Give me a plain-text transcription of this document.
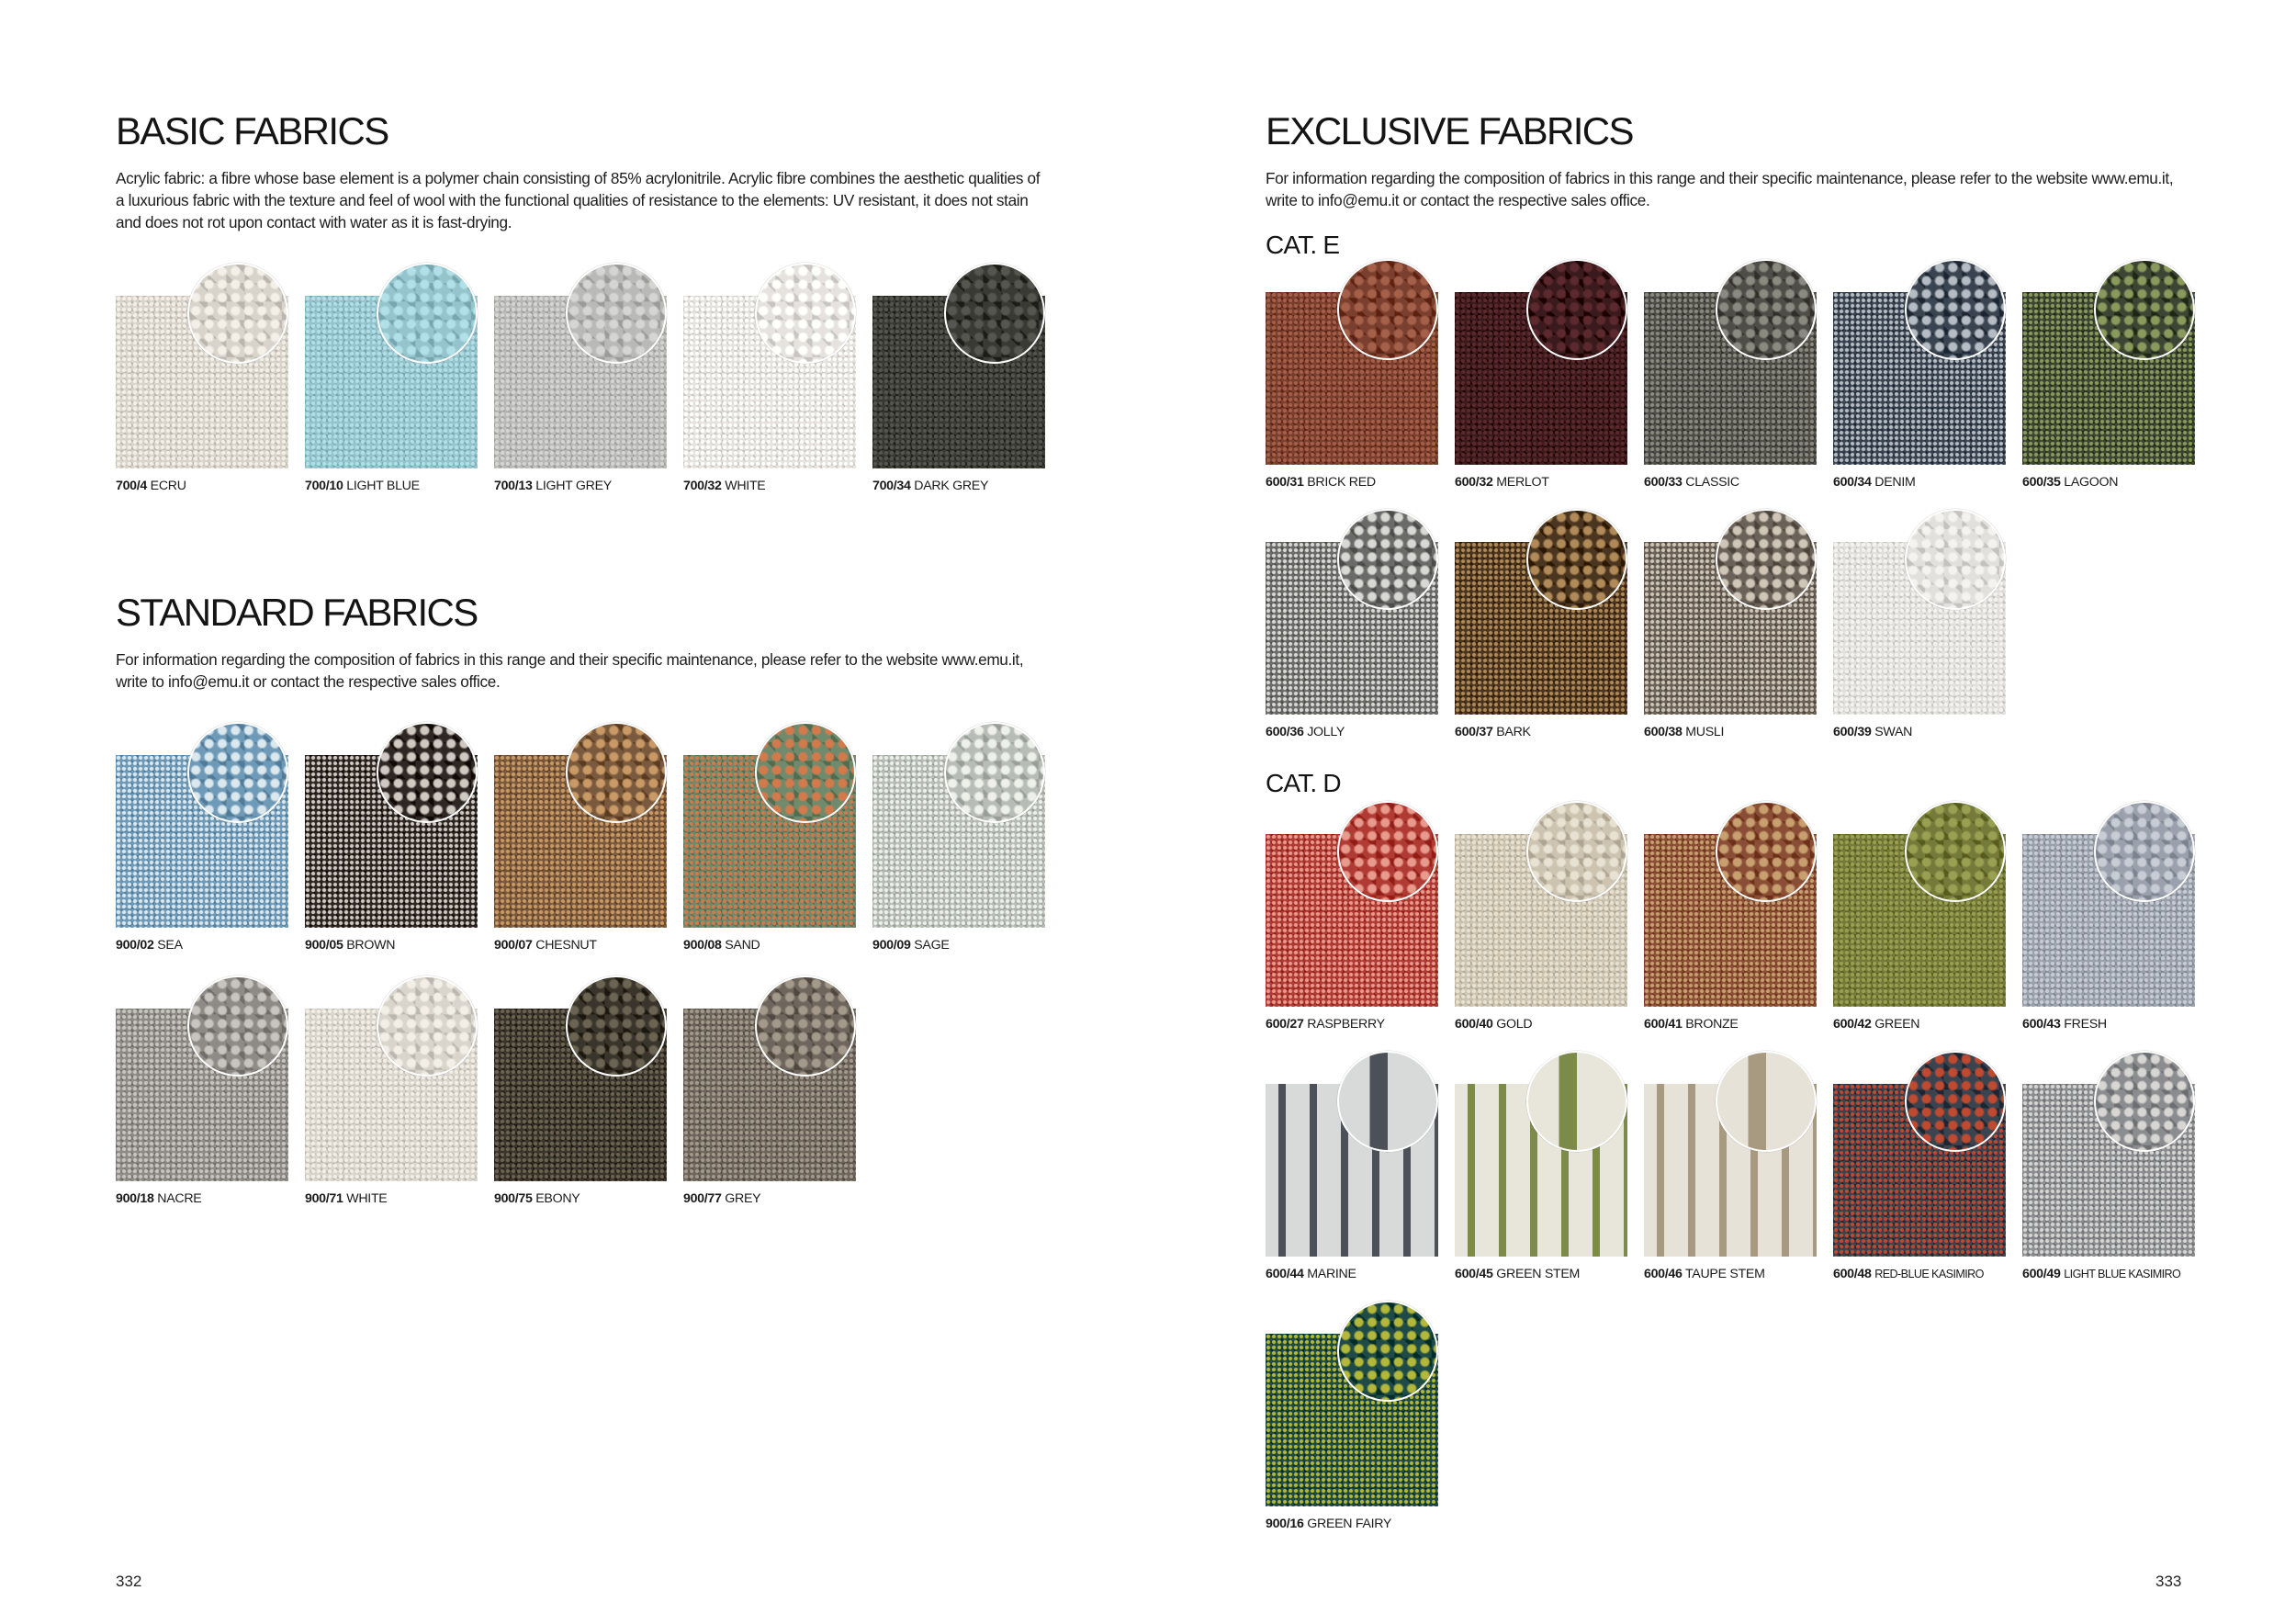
BASIC FABRICS

Acrylic fabric: a fibre whose base element is a polymer chain consisting of 85% acrylonitrile. Acrylic fibre combines the aesthetic qualities of a luxurious fabric with the texture and feel of wool with the functional qualities of resistance to the elements: UV resistant, it does not stain and does not rot upon contact with water as it is fast-drying.

700/4 ECRU	700/10 LIGHT BLUE	700/13 LIGHT GREY	700/32 WHITE	700/34 DARK GREY
STANDARD FABRICS

For information regarding the composition of fabrics in this range and their specific maintenance, please refer to the website www.emu.it, write to info@emu.it or contact the respective sales office.

900/02 SEA	900/05 BROWN	900/07 CHESNUT	900/08 SAND	900/09 SAGE
900/18 NACRE	900/71 WHITE	900/75 EBONY	900/77 GREY
332
EXCLUSIVE FABRICS

For information regarding the composition of fabrics in this range and their specific maintenance, please refer to the website www.emu.it, write to info@emu.it or contact the respective sales office.

CAT. E
600/31 BRICK RED	600/32 MERLOT	600/33 CLASSIC	600/34 DENIM	600/35 LAGOON
600/36 JOLLY	600/37 BARK	600/38 MUSLI	600/39 SWAN
CAT. D
600/27 RASPBERRY	600/40 GOLD	600/41 BRONZE	600/42 GREEN	600/43 FRESH
600/44 MARINE	600/45 GREEN STEM	600/46 TAUPE STEM	600/48 RED-BLUE KASIMIRO	600/49 LIGHT BLUE KASIMIRO
900/16 GREEN FAIRY
333
